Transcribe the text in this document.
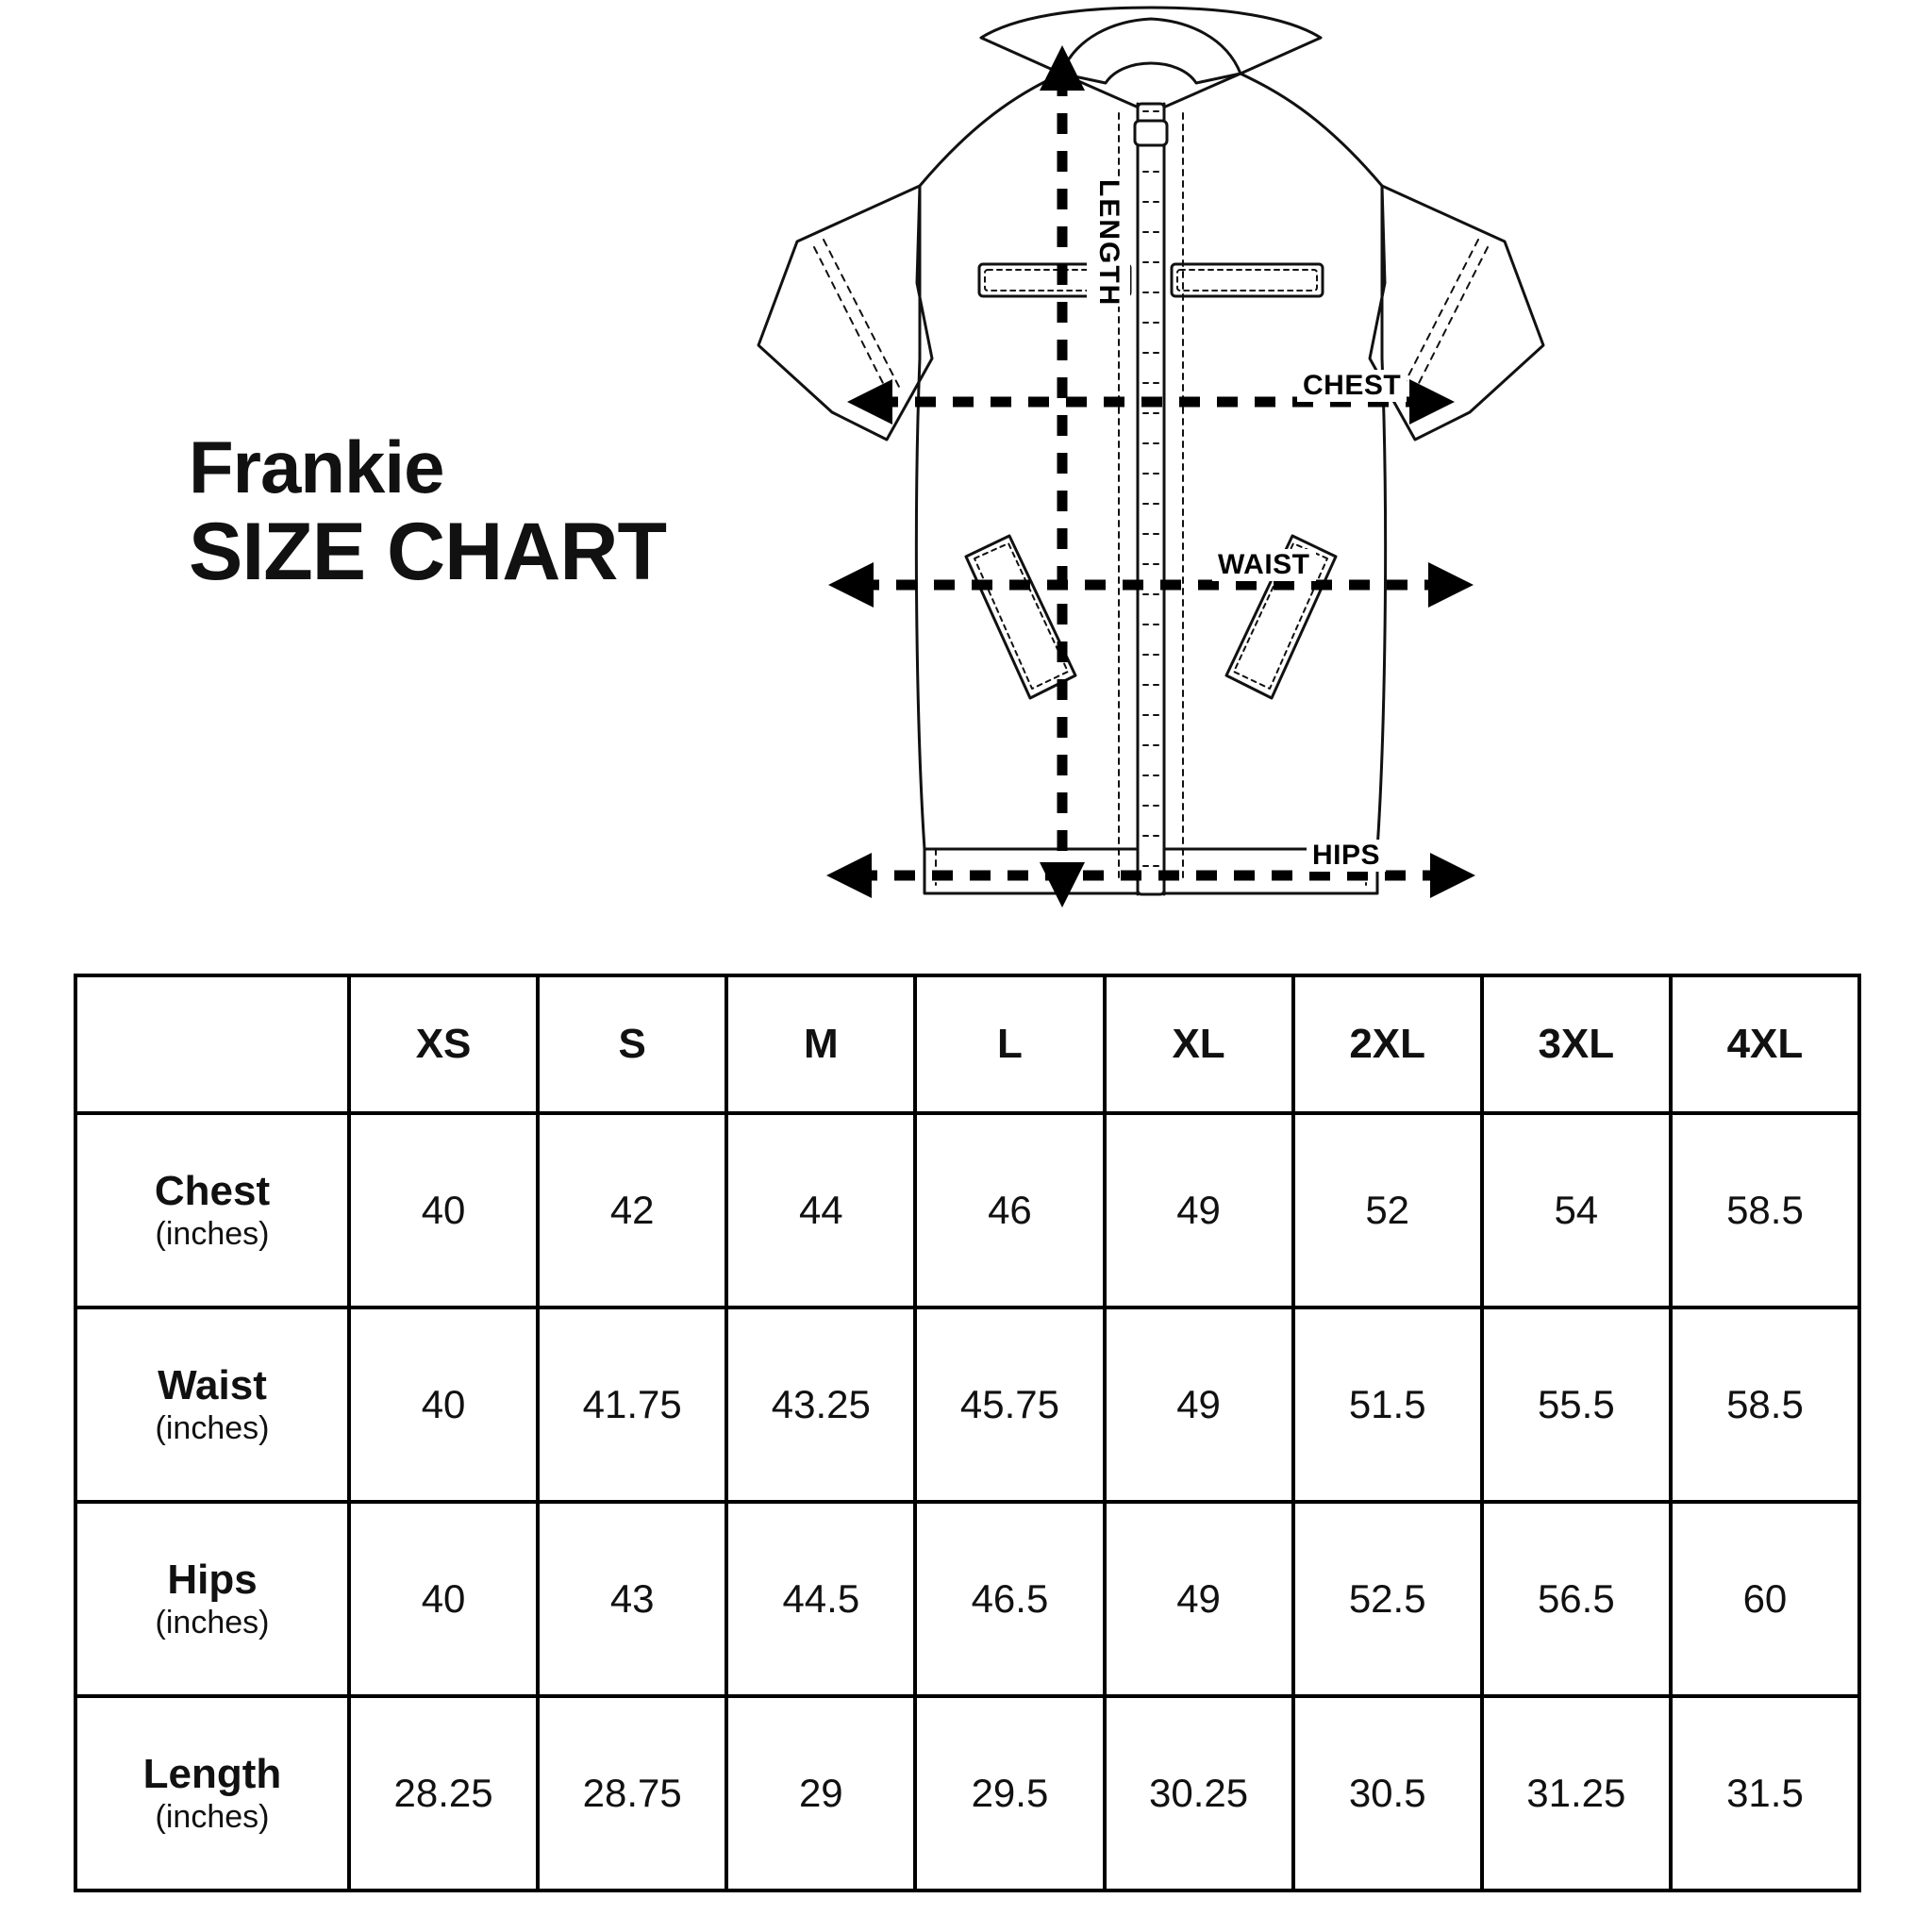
Frankie
SIZE CHART
CHEST
WAIST
HIPS
LENGTH
	XS	S	M	L	XL	2XL	3XL	4XL

Chest
(inches)	40	42	44	46	49	52	54	58.5

Waist
(inches)	40	41.75	43.25	45.75	49	51.5	55.5	58.5

Hips
(inches)	40	43	44.5	46.5	49	52.5	56.5	60

Length
(inches)	28.25	28.75	29	29.5	30.25	30.5	31.25	31.5
